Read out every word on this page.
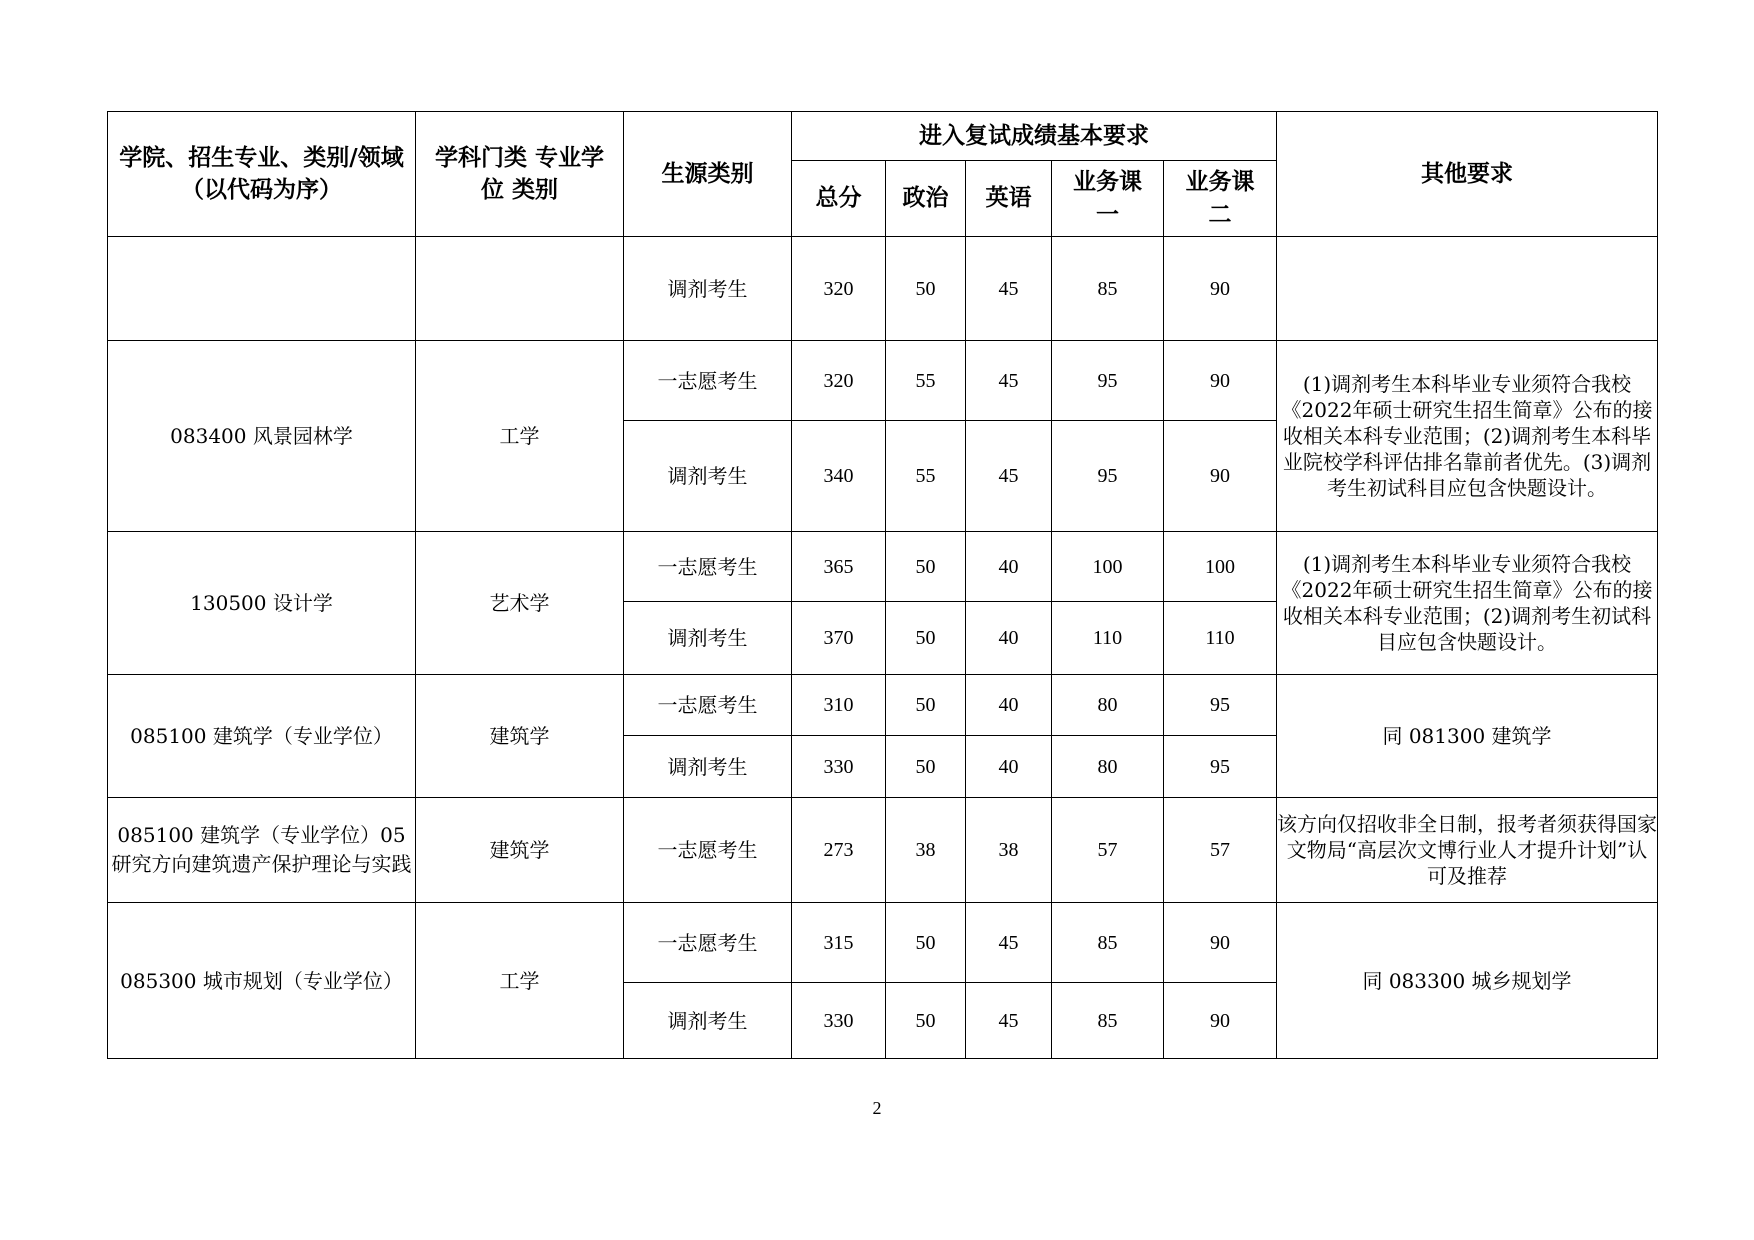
学院、招生专业、类别/领域（以代码为序）	学科门类 专业学位 类别	生源类别	进入复试成绩基本要求					其他要求
			总分	政治	英语	业务课一	业务课二	
		调剂考生	320	50	45	85	90	
083400 风景园林学	工学	一志愿考生	320	55	45	95	90	(1)调剂考生本科毕业专业须符合我校《2022年硕士研究生招生简章》公布的接收相关本科专业范围；(2)调剂考生本科毕业院校学科评估排名靠前者优先。(3)调剂考生初试科目应包含快题设计。
		调剂考生	340	55	45	95	90	
130500 设计学	艺术学	一志愿考生	365	50	40	100	100	(1)调剂考生本科毕业专业须符合我校《2022年硕士研究生招生简章》公布的接收相关本科专业范围；(2)调剂考生初试科目应包含快题设计。
		调剂考生	370	50	40	110	110	
085100 建筑学（专业学位）	建筑学	一志愿考生	310	50	40	80	95	同 081300 建筑学
		调剂考生	330	50	40	80	95	
085100 建筑学（专业学位）05 研究方向建筑遗产保护理论与实践	建筑学	一志愿考生	273	38	38	57	57	该方向仅招收非全日制，报考者须获得国家文物局“高层次文博行业人才提升计划”认可及推荐
085300 城市规划（专业学位）	工学	一志愿考生	315	50	45	85	90	同 083300 城乡规划学
		调剂考生	330	50	45	85	90	
2
